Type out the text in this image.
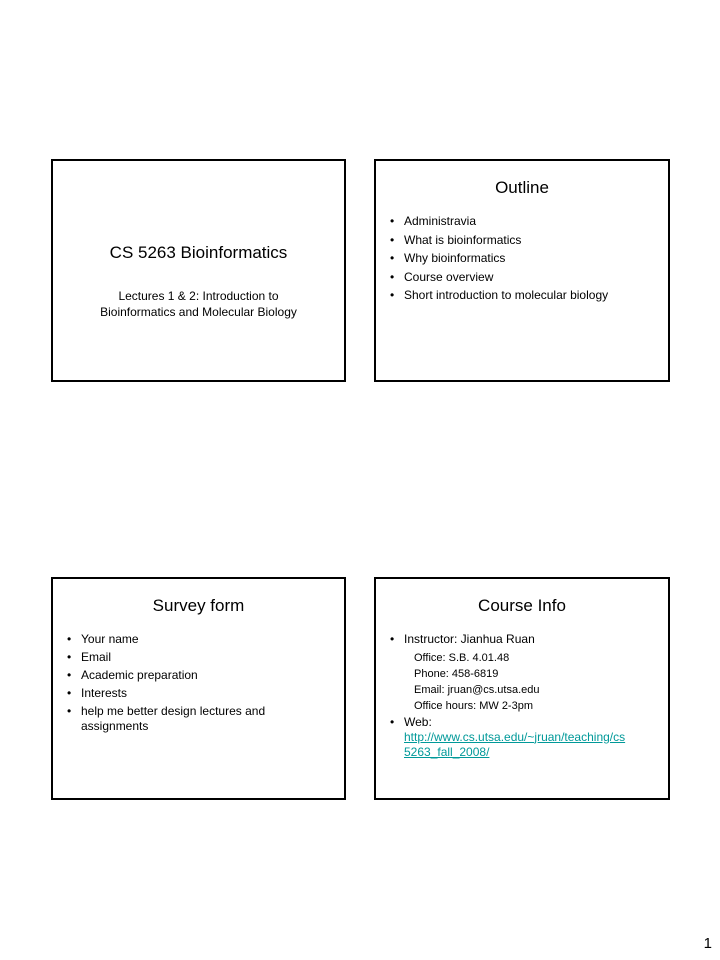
CS 5263 Bioinformatics
Lectures 1 & 2: Introduction to
Bioinformatics and Molecular Biology
Outline
• Administravia
• What is bioinformatics
• Why bioinformatics
• Course overview
• Short introduction to molecular biology
Survey form
• Your name
• Email
• Academic preparation
• Interests
• help me better design lectures and
assignments
Course Info
• Instructor: Jianhua Ruan
Office: S.B. 4.01.48
Phone: 458-6819
Email: jruan@cs.utsa.edu
Office hours: MW 2-3pm
• Web:
http://www.cs.utsa.edu/~jruan/teaching/cs
5263_fall_2008/
1
